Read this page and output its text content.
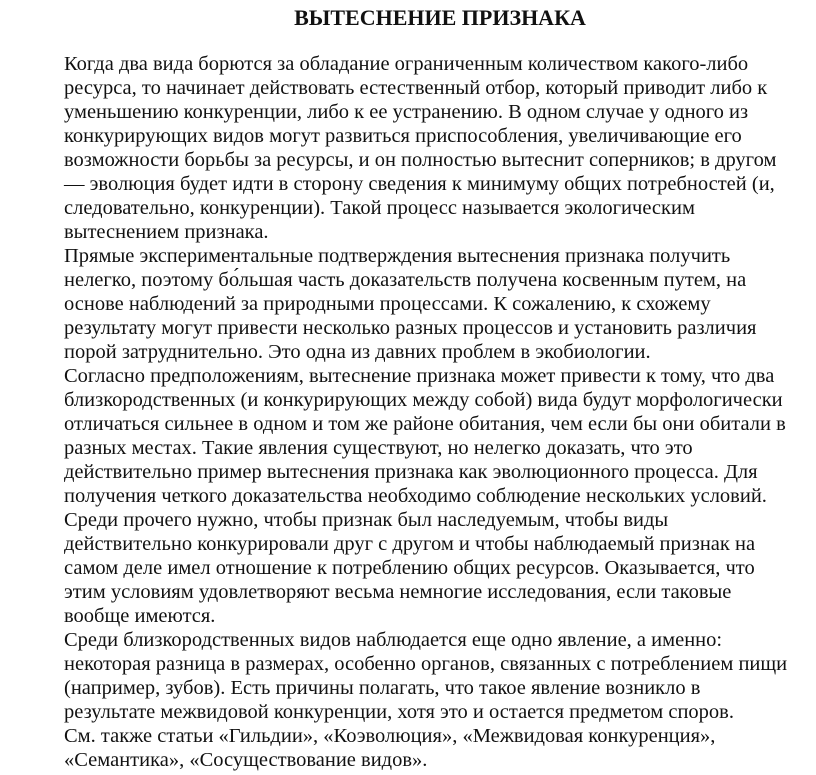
ВЫТЕСНЕНИЕ ПРИЗНАКА
Когда два вида борются за обладание ограниченным количеством какого-либо
ресурса, то начинает действовать естественный отбор, который приводит либо к
уменьшению конкуренции, либо к ее устранению. В одном случае у одного из
конкурирующих видов могут развиться приспособления, увеличивающие его
возможности борьбы за ресурсы, и он полностью вытеснит соперников; в другом
— эволюция будет идти в сторону сведения к минимуму общих потребностей (и,
следовательно, конкуренции). Такой процесс называется экологическим
вытеснением признака.
Прямые экспериментальные подтверждения вытеснения признака получить
нелегко, поэтому бо́льшая часть доказательств получена косвенным путем, на
основе наблюдений за природными процессами. К сожалению, к схожему
результату могут привести несколько разных процессов и установить различия
порой затруднительно. Это одна из давних проблем в экобиологии.
Согласно предположениям, вытеснение признака может привести к тому, что два
близкородственных (и конкурирующих между собой) вида будут морфологически
отличаться сильнее в одном и том же районе обитания, чем если бы они обитали в
разных местах. Такие явления существуют, но нелегко доказать, что это
действительно пример вытеснения признака как эволюционного процесса. Для
получения четкого доказательства необходимо соблюдение нескольких условий.
Среди прочего нужно, чтобы признак был наследуемым, чтобы виды
действительно конкурировали друг с другом и чтобы наблюдаемый признак на
самом деле имел отношение к потреблению общих ресурсов. Оказывается, что
этим условиям удовлетворяют весьма немногие исследования, если таковые
вообще имеются.
Среди близкородственных видов наблюдается еще одно явление, а именно:
некоторая разница в размерах, особенно органов, связанных с потреблением пищи
(например, зубов). Есть причины полагать, что такое явление возникло в
результате межвидовой конкуренции, хотя это и остается предметом споров.
См. также статьи «Гильдии», «Коэволюция», «Межвидовая конкуренция»,
«Семантика», «Сосуществование видов».
